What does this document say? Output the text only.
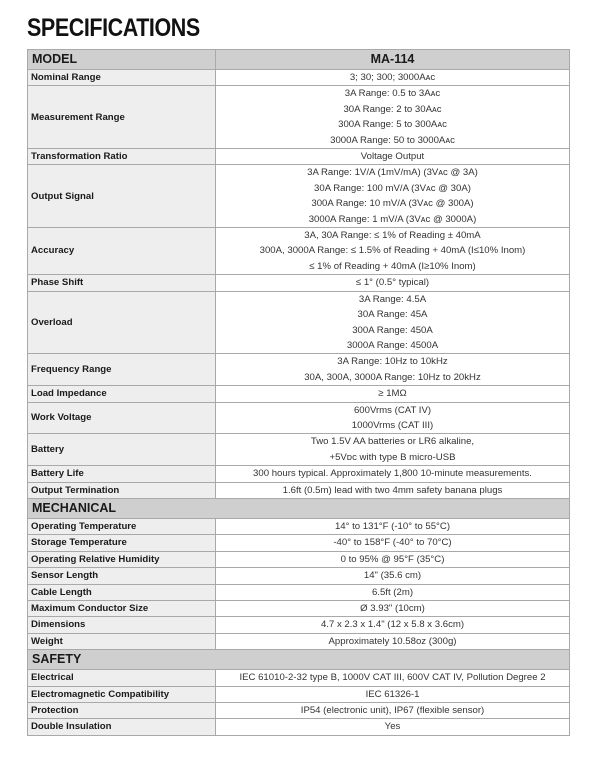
SPECIFICATIONS
MODEL	MA-114
Nominal Range	3; 30; 300; 3000Aᴀᴄ

Measurement Range	3A Range: 0.5 to 3Aᴀᴄ
30A Range: 2 to 30Aᴀᴄ
300A Range: 5 to 300Aᴀᴄ
3000A Range: 50 to 3000Aᴀᴄ

Transformation Ratio	Voltage Output

Output Signal	3A Range: 1V/A (1mV/mA) (3Vᴀᴄ @ 3A)
30A Range: 100 mV/A (3Vᴀᴄ @ 30A)
300A Range: 10 mV/A (3Vᴀᴄ @ 300A)
3000A Range: 1 mV/A (3Vᴀᴄ @ 3000A)

Accuracy	3A, 30A Range: ≤ 1% of Reading ± 40mA
300A, 3000A Range: ≤ 1.5% of Reading + 40mA (I≤10% Inom)
≤ 1% of Reading + 40mA (I≥10% Inom)

Phase Shift	≤ 1° (0.5° typical)

Overload	3A Range: 4.5A
30A Range: 45A
300A Range: 450A
3000A Range: 4500A

Frequency Range	3A Range: 10Hz to 10kHz
30A, 300A, 3000A Range: 10Hz to 20kHz

Load Impedance	≥ 1MΩ

Work Voltage	600Vrms (CAT IV)
1000Vrms (CAT III)

Battery	Two 1.5V AA batteries or LR6 alkaline,
+5Vᴅᴄ with type B micro-USB

Battery Life	300 hours typical. Approximately 1,800 10-minute measurements.

Output Termination	1.6ft (0.5m) lead with two 4mm safety banana plugs

MECHANICAL	
Operating Temperature	14° to 131°F (-10° to 55°C)
Storage Temperature	-40° to 158°F (-40° to 70°C)
Operating Relative Humidity	0 to 95% @ 95°F (35°C)
Sensor Length	14" (35.6 cm)
Cable Length	6.5ft (2m)
Maximum Conductor Size	Ø 3.93" (10cm)
Dimensions	4.7 x 2.3 x 1.4" (12 x 5.8 x 3.6cm)
Weight	Approximately 10.58oz (300g)
SAFETY	
Electrical	IEC 61010-2-32 type B, 1000V CAT III, 600V CAT IV, Pollution Degree 2
Electromagnetic Compatibility	IEC 61326-1
Protection	IP54 (electronic unit), IP67 (flexible sensor)
Double Insulation	Yes
